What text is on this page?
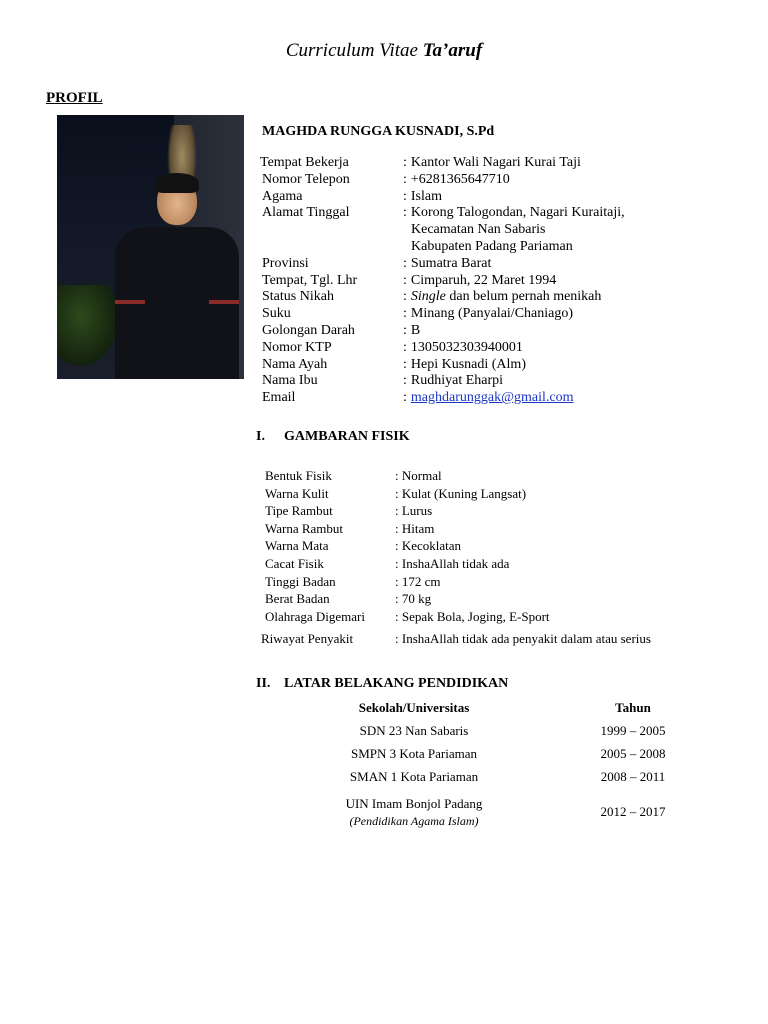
Curriculum Vitae Ta’aruf
PROFIL
MAGHDA RUNGGA KUSNADI, S.Pd
Tempat Bekerja	: Kantor Wali Nagari Kurai Taji
Nomor Telepon	: +6281365647710
Agama	: Islam
Alamat Tinggal	: Korong Talogondan, Nagari Kuraitaji,
Kecamatan Nan Sabaris
Kabupaten Padang Pariaman
Provinsi	: Sumatra Barat
Tempat, Tgl. Lhr	: Cimparuh, 22 Maret 1994
Status Nikah	: Single dan belum pernah menikah
Suku	: Minang (Panyalai/Chaniago)
Golongan Darah	: B
Nomor KTP	: 1305032303940001
Nama Ayah	: Hepi Kusnadi (Alm)
Nama Ibu	: Rudhiyat Eharpi
Email	: maghdarunggak@gmail.com
I. GAMBARAN FISIK
Bentuk Fisik	: Normal
Warna Kulit	: Kulat (Kuning Langsat)
Tipe Rambut	: Lurus
Warna Rambut	: Hitam
Warna Mata	: Kecoklatan
Cacat Fisik	: InshaAllah tidak ada
Tinggi Badan	: 172 cm
Berat Badan	: 70 kg
Olahraga Digemari	: Sepak Bola, Joging, E-Sport
Riwayat Penyakit	: InshaAllah tidak ada penyakit dalam atau serius
II. LATAR BELAKANG PENDIDIKAN
Sekolah/Universitas	Tahun
SDN 23 Nan Sabaris	1999 – 2005
SMPN 3 Kota Pariaman	2005 – 2008
SMAN 1 Kota Pariaman	2008 – 2011
UIN Imam Bonjol Padang
(Pendidikan Agama Islam)
2012 – 2017
